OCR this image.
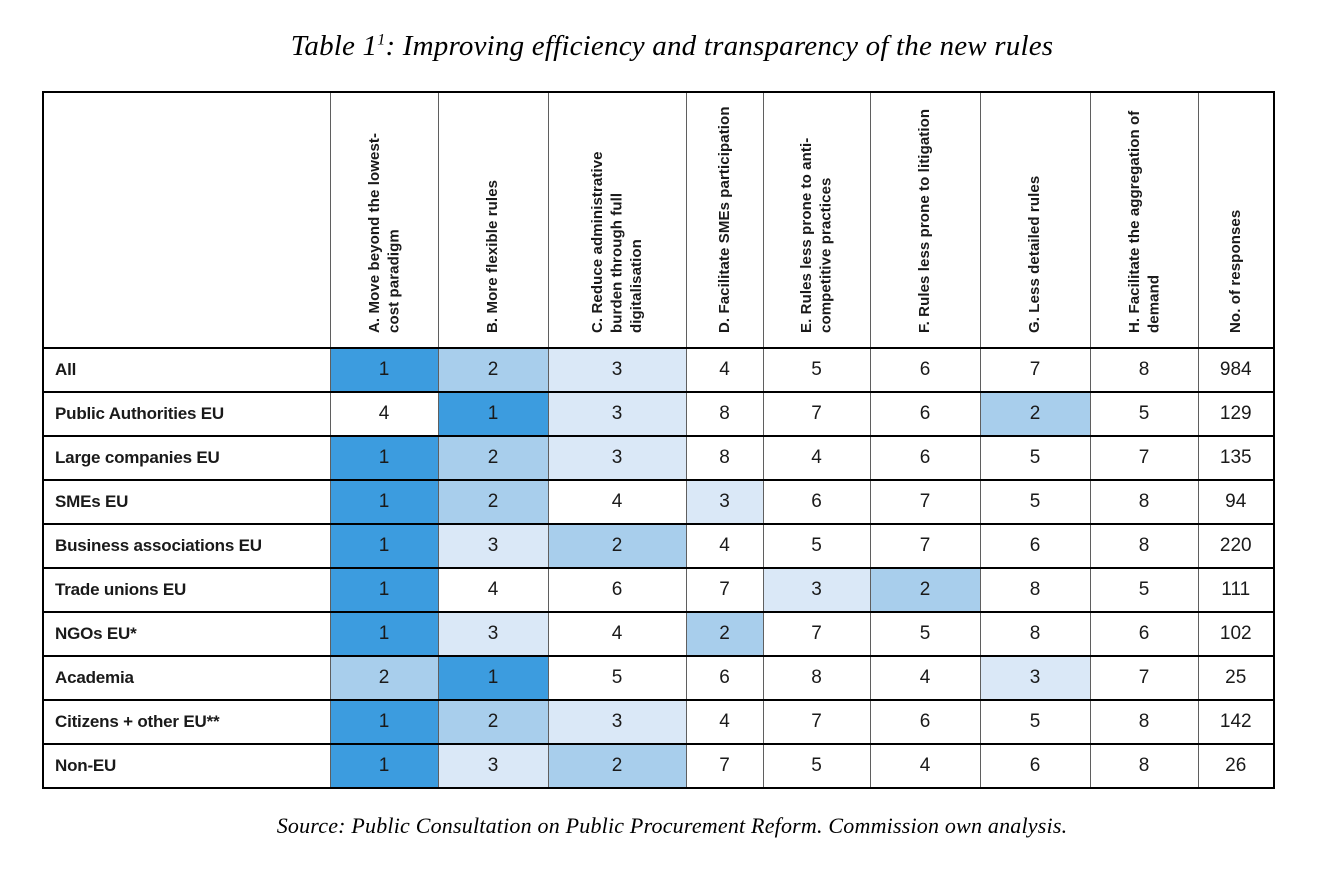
Table $1^1$: Improving efficiency and transparency of the new rules

	A. Move beyond the lowest-cost paradigm	B. More flexible rules	C. Reduce administrative burden through full digitalisation	D. Facilitate SMEs participation	E. Rules less prone to anti-competitive practices	F. Rules less prone to litigation	G. Less detailed rules	H. Facilitate the aggregation of demand	No. of responses

All	1	2	3	4	5	6	7	8	984
Public Authorities EU	4	1	3	8	7	6	2	5	129
Large companies EU	1	2	3	8	4	6	5	7	135
SMEs EU	1	2	4	3	6	7	5	8	94
Business associations EU	1	3	2	4	5	7	6	8	220
Trade unions EU	1	4	6	7	3	2	8	5	111
NGOs EU*	1	3	4	2	7	5	8	6	102
Academia	2	1	5	6	8	4	3	7	25
Citizens + other EU**	1	2	3	4	7	6	5	8	142
Non-EU	1	3	2	7	5	4	6	8	26
Source: Public Consultation on Public Procurement Reform. Commission own analysis.
